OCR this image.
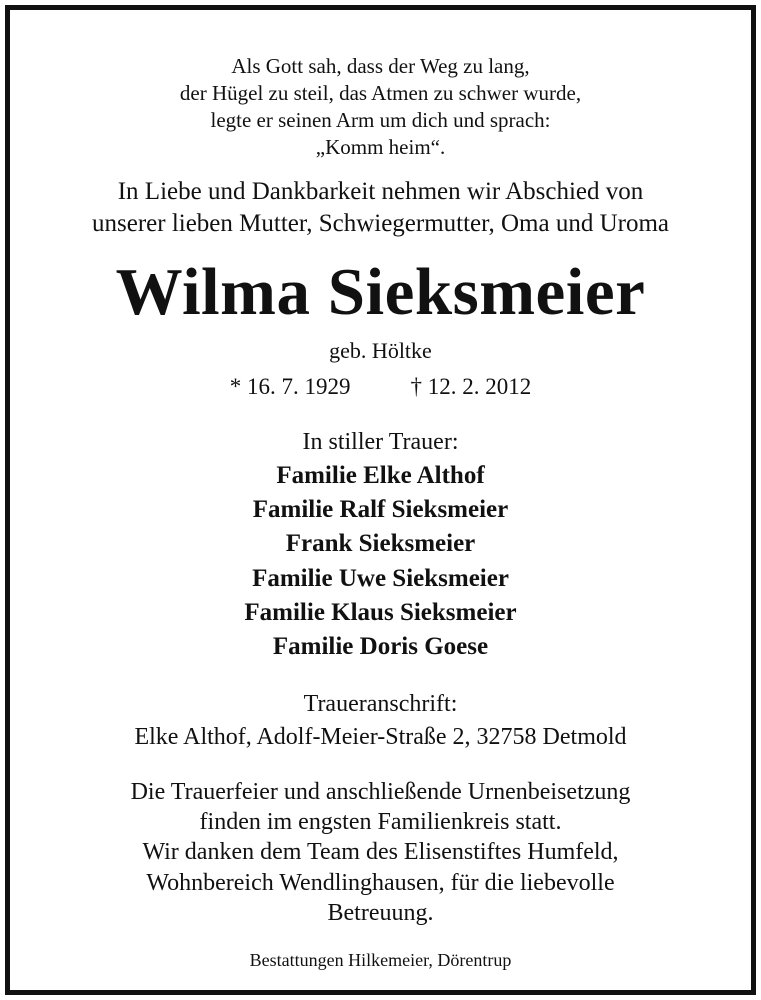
Als Gott sah, dass der Weg zu lang,
der Hügel zu steil, das Atmen zu schwer wurde,
legte er seinen Arm um dich und sprach:
„Komm heim“.
In Liebe und Dankbarkeit nehmen wir Abschied von
unserer lieben Mutter, Schwiegermutter, Oma und Uroma
Wilma Sieksmeier
geb. Höltke
* 16. 7. 1929	† 12. 2. 2012
In stiller Trauer:
Familie Elke Althof
Familie Ralf Sieksmeier
Frank Sieksmeier
Familie Uwe Sieksmeier
Familie Klaus Sieksmeier
Familie Doris Goese
Traueranschrift:
Elke Althof, Adolf-Meier-Straße 2, 32758 Detmold
Die Trauerfeier und anschließende Urnenbeisetzung
finden im engsten Familienkreis statt.
Wir danken dem Team des Elisenstiftes Humfeld,
Wohnbereich Wendlinghausen, für die liebevolle
Betreuung.
Bestattungen Hilkemeier, Dörentrup
